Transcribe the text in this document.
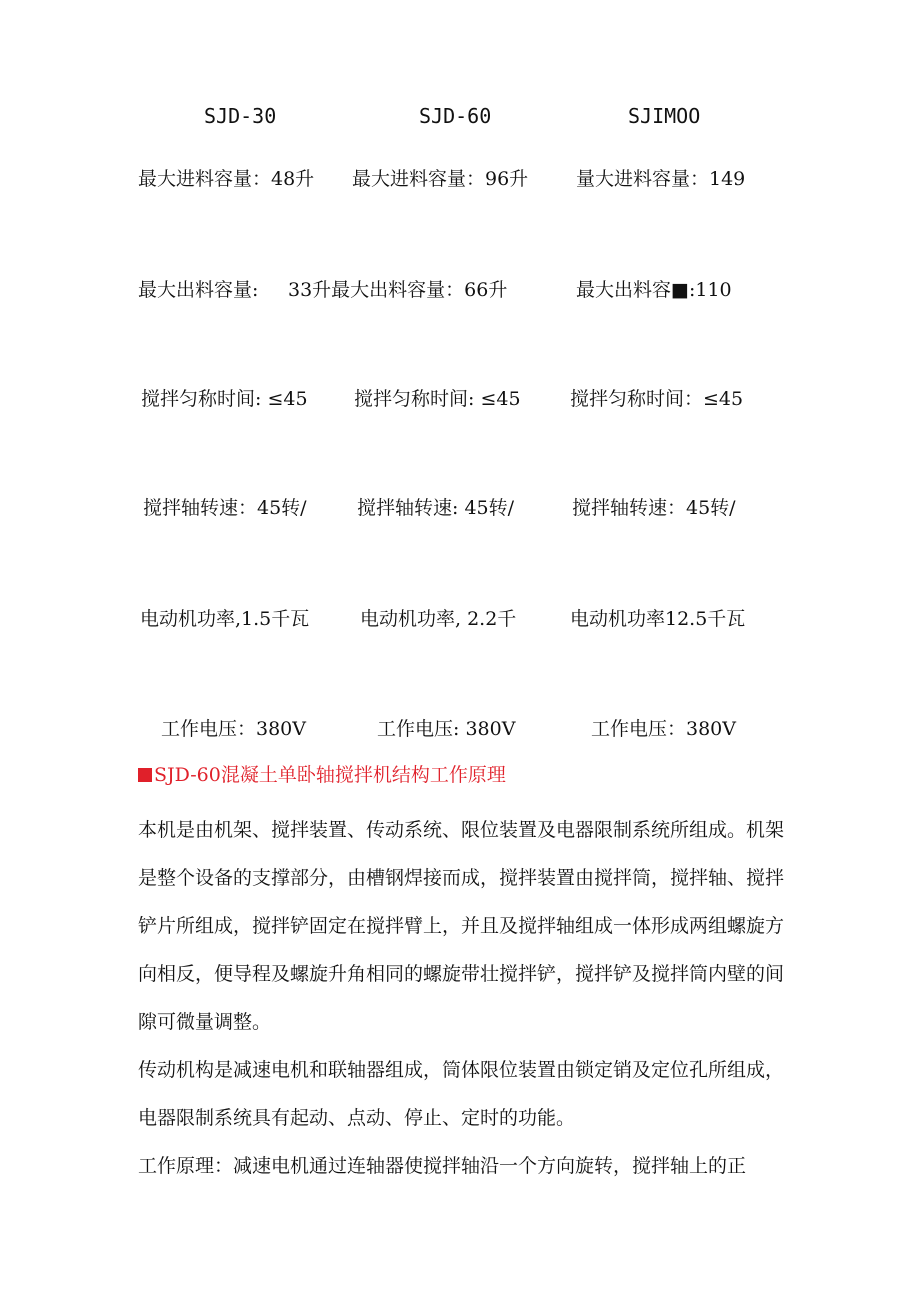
SJD-30	SJD-60	SJIMOO
最大进料容量：48升 最大进料容量：96升	量大进料容量：149
最大出料容量: 33升最大出料容量：66升	最大出料容■:110
搅拌匀称时间: ≤45 搅拌匀称时间: ≤45	搅拌匀称时间：≤45
搅拌轴转速：45转/	搅拌轴转速: 45转/	搅拌轴转速：45转/
电动机功率,1.5千瓦	电动机功率, 2.2千	电动机功率12.5千瓦
工作电压：380V	工作电压: 380V	工作电压：380V
SJD-60混凝土单卧轴搅拌机结构工作原理

本机是由机架、搅拌装置、传动系统、限位装置及电器限制系统所组成。机架是整个设备的支撑部分，由槽钢焊接而成，搅拌装置由搅拌筒，搅拌轴、搅拌铲片所组成，搅拌铲固定在搅拌臂上，并且及搅拌轴组成一体形成两组螺旋方向相反，便导程及螺旋升角相同的螺旋带壮搅拌铲，搅拌铲及搅拌筒内壁的间隙可微量调整。

传动机构是减速电机和联轴器组成，筒体限位装置由锁定销及定位孔所组成，电器限制系统具有起动、点动、停止、定时的功能。

工作原理：减速电机通过连轴器使搅拌轴沿一个方向旋转，搅拌轴上的正
